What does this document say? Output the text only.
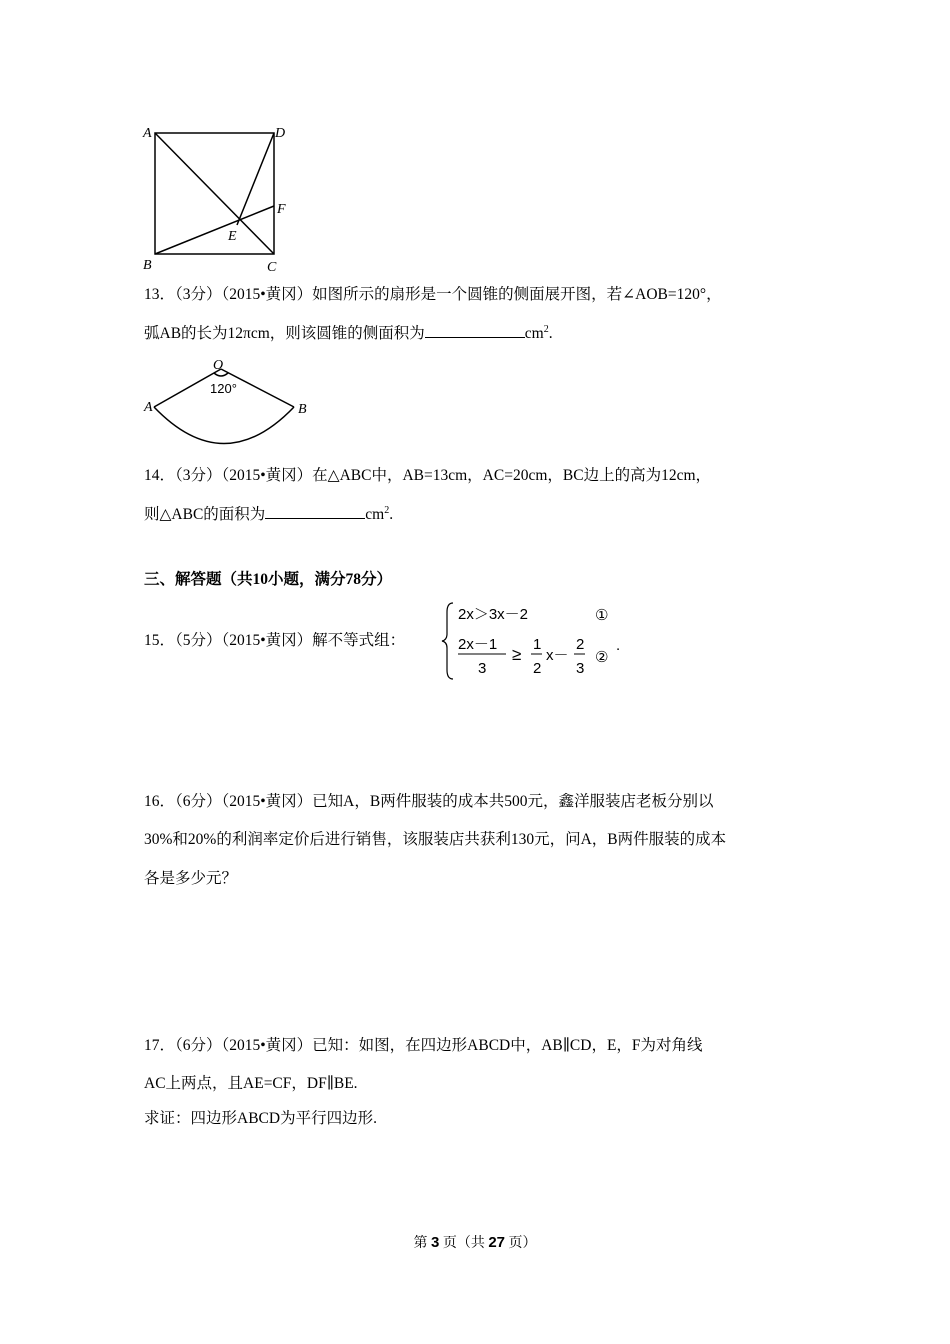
A	D
F
E
B	C
13．（3分）（2015•黄冈）如图所示的扇形是一个圆锥的侧面展开图，若∠AOB=120°，
弧AB的长为12πcm，则该圆锥的侧面积为	$cm^2$.
O
120°
A	B
14．（3分）（2015•黄冈）在△ABC中，AB=13cm，AC=20cm，BC边上的高为12cm，
则△ABC的面积为	$cm^2$.
三、解答题（共10小题，满分78分）
15．（5分）（2015•黄冈）解不等式组：
2x＞3x－2	①
2x－1
3
≥
1
2
x－
2
3
②
.
16．（6分）（2015•黄冈）已知A，B两件服装的成本共500元，鑫洋服装店老板分别以
30%和20%的利润率定价后进行销售，该服装店共获利130元，问A，B两件服装的成本
各是多少元？
17．（6分）（2015•黄冈）已知：如图，在四边形ABCD中，AB∥CD，E，F为对角线
AC上两点，且AE=CF，DF∥BE.
求证：四边形ABCD为平行四边形.
第 3 页（共 27 页）
